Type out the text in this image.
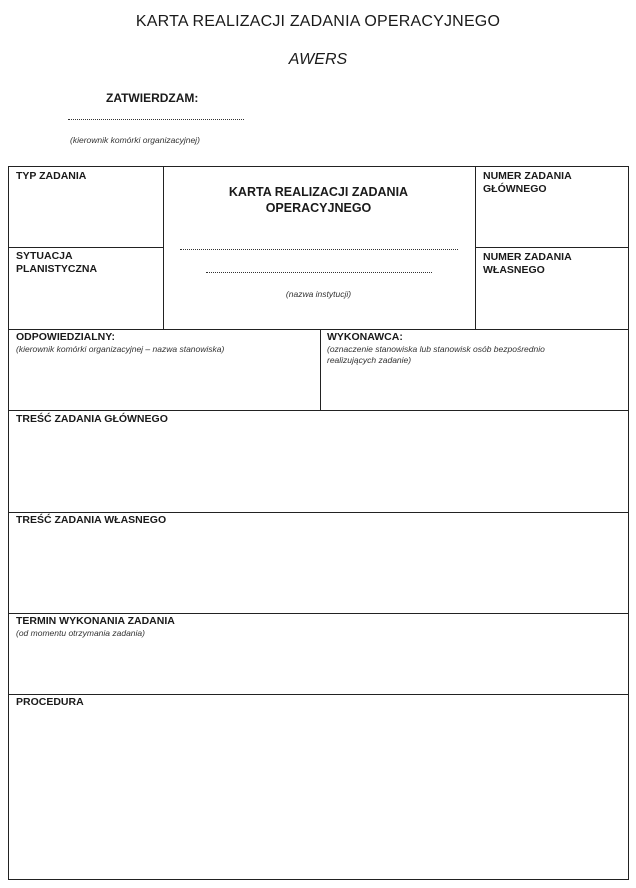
KARTA REALIZACJI ZADANIA OPERACYJNEGO
AWERS
ZATWIERDZAM:
(kierownik komórki organizacyjnej)
TYP ZADANIA
SYTUACJA
PLANISTYCZNA
KARTA REALIZACJI ZADANIA
OPERACYJNEGO
(nazwa instytucji)
NUMER ZADANIA
GŁÓWNEGO
NUMER ZADANIA
WŁASNEGO
ODPOWIEDZIALNY:
(kierownik komórki organizacyjnej – nazwa stanowiska)
WYKONAWCA:
(oznaczenie stanowiska lub stanowisk osób bezpośrednio
realizujących zadanie)
TREŚĆ ZADANIA GŁÓWNEGO
TREŚĆ ZADANIA WŁASNEGO
TERMIN WYKONANIA ZADANIA
(od momentu otrzymania zadania)
PROCEDURA
